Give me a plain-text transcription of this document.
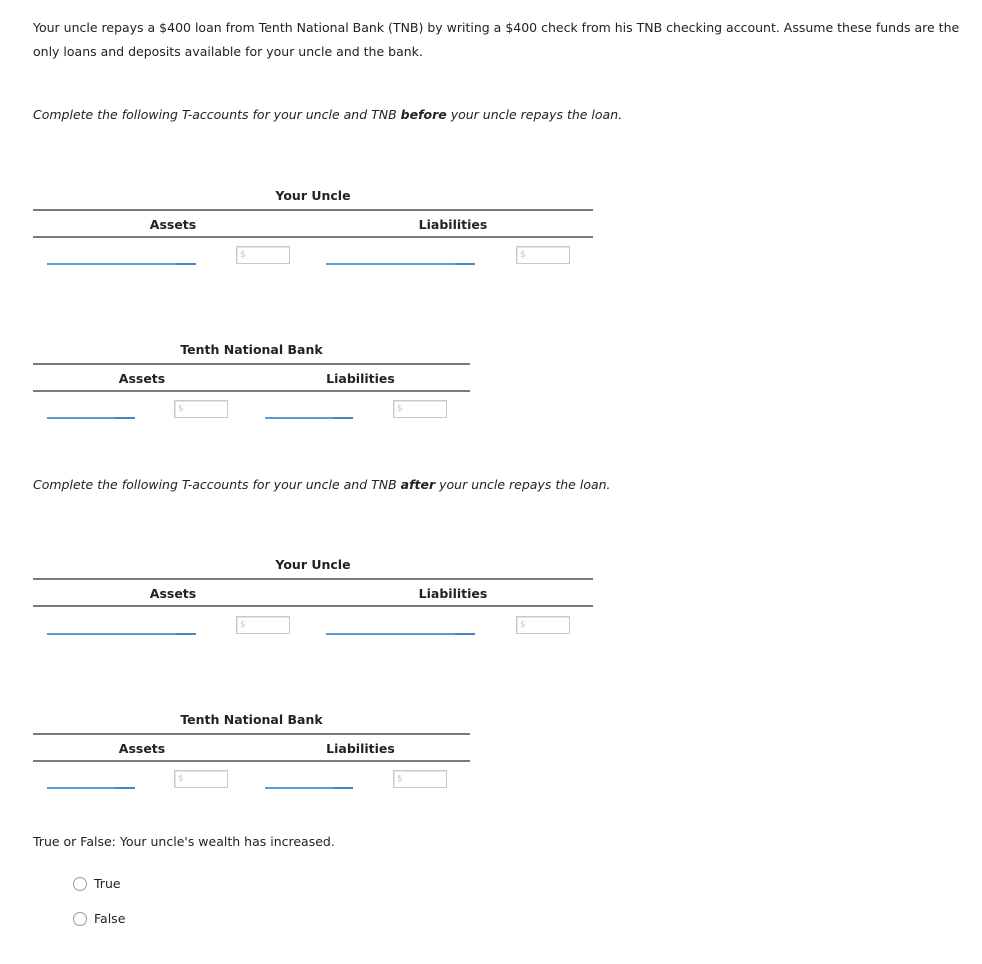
Your uncle repays a $400 loan from Tenth National Bank (TNB) by writing a $400 check from his TNB checking account. Assume these funds are the only loans and deposits available for your uncle and the bank.

Complete the following T-accounts for your uncle and TNB before your uncle repays the loan.

Your Uncle
Assets	Liabilities
$	$
Tenth National Bank
Assets	Liabilities
$	$

Complete the following T-accounts for your uncle and TNB after your uncle repays the loan.

Your Uncle
Assets	Liabilities
$	$
Tenth National Bank
Assets	Liabilities
$	$

True or False: Your uncle's wealth has increased.

True
False
